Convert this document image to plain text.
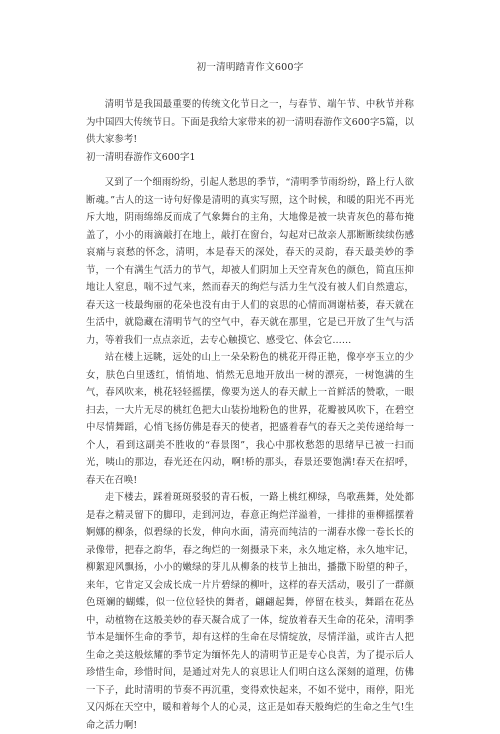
初一清明踏青作文600字

清明节是我国最重要的传统文化节日之一，与春节、端午节、中秋节并称为中国四大传统节日。下面是我给大家带来的初一清明春游作文600字5篇，以供大家参考!

初一清明春游作文600字1

又到了一个细雨纷纷，引起人愁思的季节，“清明季节雨纷纷，路上行人欲断魂。”古人的这一诗句好像是清明的真实写照，这个时候，和暖的阳光不再光斥大地，阴雨绵绵反而成了气象舞台的主角，大地像是被一块青灰色的幕布掩盖了，小小的雨滴敲打在地上，敲打在窗台，勾起对已故亲人那断断续续伤感哀痛与哀愁的怀念，清明，本是春天的深处，春天的灵韵，春天最美妙的季节，一个有满生气活力的节气，却被人们阴加上天空青灰色的颜色，简直压抑地让人窒息，喘不过气来，然而春天的绚烂与活力生气没有被人们自然遗忘，春天这一枝最绚丽的花朵也没有由于人们的哀思的心情而凋谢枯萎，春天就在生活中，就隐藏在清明节气的空气中，春天就在那里，它是已开放了生气与活力，等着我们一点点亲近，去专心触摸它、感受它、体会它……

站在楼上远眺，远处的山上一朵朵粉色的桃花开得正艳，像亭亭玉立的少女，肤色白里透红，悄悄地、悄然无息地开放出一树的漂亮，一树饱满的生气，春风吹来，桃花轻轻摇摆，像要为送人的春天献上一首鲜活的赞歌，一眼扫去，一大片无尽的桃红色把大山装扮地粉色的世界，花瓣被风吹下，在碧空中尽情舞蹈，心悄飞扬仿佛是春天的使者，把盛着春气的春天之美传递给每一个人，看到这副美不胜收的“春景图”，我心中那枚愁怨的思绪早已被一扫而光，咦山的那边，春光还在闪动，啊!桥的那头，春景还要饱满!春天在招呼，春天在召唤!

走下楼去，踩着斑斑驳驳的青石板，一路上桃红柳绿，鸟歌燕舞，处处都是春之精灵留下的脚印，走到河边，春意正绚烂洋溢着，一排排的垂柳摇摆着婀娜的柳条，似碧绿的长发，伸向水面，清亮而纯洁的一湖春水像一卷长长的录像带，把春之韵华，春之绚烂的一刻摄录下来，永久地定格，永久地牢记，柳絮迎风飘扬，小小的嫩绿的芽儿从柳条的枝节上抽出，播撒下盼望的种子，来年，它肯定又会成长成一片片碧绿的柳叶，这样的春天活动，吸引了一群颜色斑斓的蝴蝶，似一位位轻快的舞者，翩翩起舞，停留在枝头，舞蹈在花丛中，动植物在这般美妙的春天凝合成了一体，绽放着春天生命的花朵，清明季节本是缅怀生命的季节，却有这样的生命在尽情绽放，尽情洋溢，或许古人把生命之美这般炫耀的季节定为缅怀先人的清明节正是专心良苦，为了提示后人珍惜生命，珍惜时间，是通过对先人的哀思让人们明白这么深刻的道理，仿佛一下子，此时清明的节奏不再沉重，变得欢快起来，不如不觉中，雨停，阳光又闪烁在天空中，暖和着每个人的心灵，这正是如春天般绚烂的生命之生气!生命之活力啊!
